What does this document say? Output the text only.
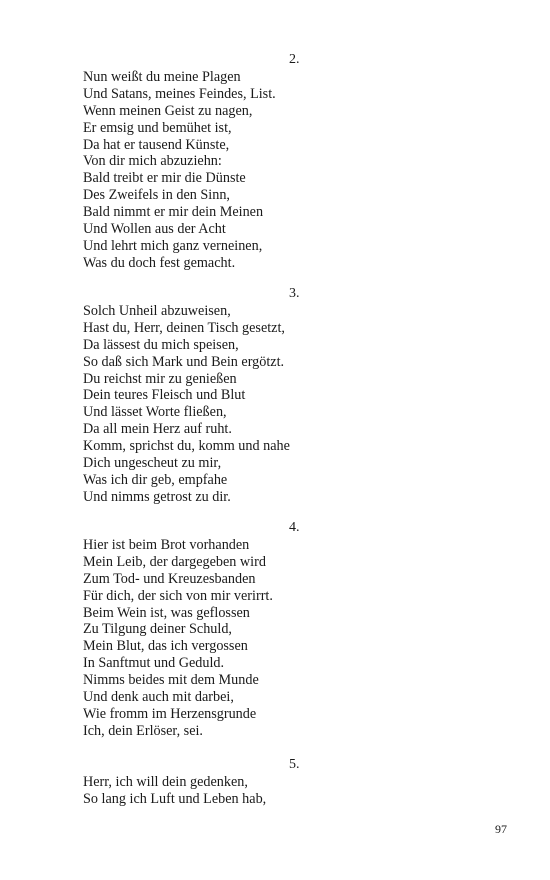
2.
Nun weißt du meine Plagen
Und Satans, meines Feindes, List.
Wenn meinen Geist zu nagen,
Er emsig und bemühet ist,
Da hat er tausend Künste,
Von dir mich abzuziehn:
Bald treibt er mir die Dünste
Des Zweifels in den Sinn,
Bald nimmt er mir dein Meinen
Und Wollen aus der Acht
Und lehrt mich ganz verneinen,
Was du doch fest gemacht.
3.
Solch Unheil abzuweisen,
Hast du, Herr, deinen Tisch gesetzt,
Da lässest du mich speisen,
So daß sich Mark und Bein ergötzt.
Du reichst mir zu genießen
Dein teures Fleisch und Blut
Und lässet Worte fließen,
Da all mein Herz auf ruht.
Komm, sprichst du, komm und nahe
Dich ungescheut zu mir,
Was ich dir geb, empfahe
Und nimms getrost zu dir.
4.
Hier ist beim Brot vorhanden
Mein Leib, der dargegeben wird
Zum Tod- und Kreuzesbanden
Für dich, der sich von mir verirrt.
Beim Wein ist, was geflossen
Zu Tilgung deiner Schuld,
Mein Blut, das ich vergossen
In Sanftmut und Geduld.
Nimms beides mit dem Munde
Und denk auch mit darbei,
Wie fromm im Herzensgrunde
Ich, dein Erlöser, sei.
5.
Herr, ich will dein gedenken,
So lang ich Luft und Leben hab,
97
